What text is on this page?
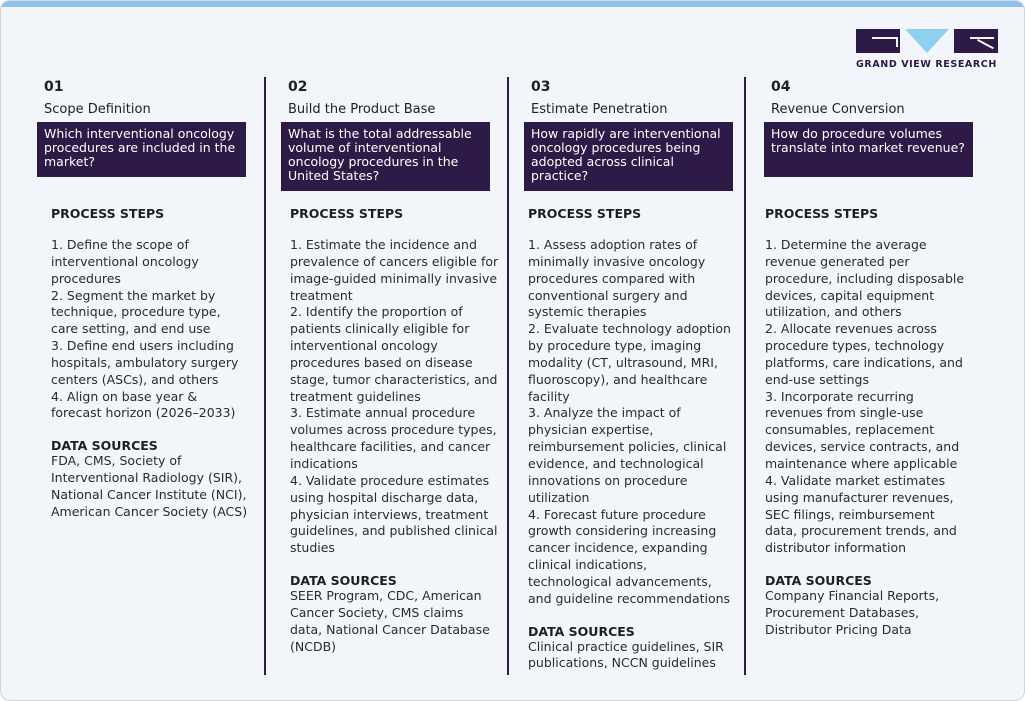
GRAND VIEW RESEARCH
01
Scope Definition
Which interventional oncology procedures are included in the market?
PROCESS STEPS
1. Define the scope of interventional oncology procedures
2. Segment the market by technique, procedure type, care setting, and end use
3. Define end users including hospitals, ambulatory surgery centers (ASCs), and others
4. Align on base year & forecast horizon (2026–2033)
DATA SOURCES
FDA, CMS, Society of Interventional Radiology (SIR), National Cancer Institute (NCI), American Cancer Society (ACS)
02
Build the Product Base
What is the total addressable volume of interventional oncology procedures in the United States?
PROCESS STEPS
1. Estimate the incidence and prevalence of cancers eligible for image-guided minimally invasive treatment
2. Identify the proportion of patients clinically eligible for interventional oncology procedures based on disease stage, tumor characteristics, and treatment guidelines
3. Estimate annual procedure volumes across procedure types, healthcare facilities, and cancer indications
4. Validate procedure estimates using hospital discharge data, physician interviews, treatment guidelines, and published clinical studies
DATA SOURCES
SEER Program, CDC, American Cancer Society, CMS claims data, National Cancer Database (NCDB)
03
Estimate Penetration
How rapidly are interventional oncology procedures being adopted across clinical practice?
PROCESS STEPS
1. Assess adoption rates of minimally invasive oncology procedures compared with conventional surgery and systemic therapies
2. Evaluate technology adoption by procedure type, imaging modality (CT, ultrasound, MRI, fluoroscopy), and healthcare facility
3. Analyze the impact of physician expertise, reimbursement policies, clinical evidence, and technological innovations on procedure utilization
4. Forecast future procedure growth considering increasing cancer incidence, expanding clinical indications, technological advancements, and guideline recommendations
DATA SOURCES
Clinical practice guidelines, SIR publications, NCCN guidelines
04
Revenue Conversion
How do procedure volumes translate into market revenue?
PROCESS STEPS
1. Determine the average revenue generated per procedure, including disposable devices, capital equipment utilization, and others
2. Allocate revenues across procedure types, technology platforms, care indications, and end-use settings
3. Incorporate recurring revenues from single-use consumables, replacement devices, service contracts, and maintenance where applicable
4. Validate market estimates using manufacturer revenues, SEC filings, reimbursement data, procurement trends, and distributor information
DATA SOURCES
Company Financial Reports, Procurement Databases, Distributor Pricing Data
